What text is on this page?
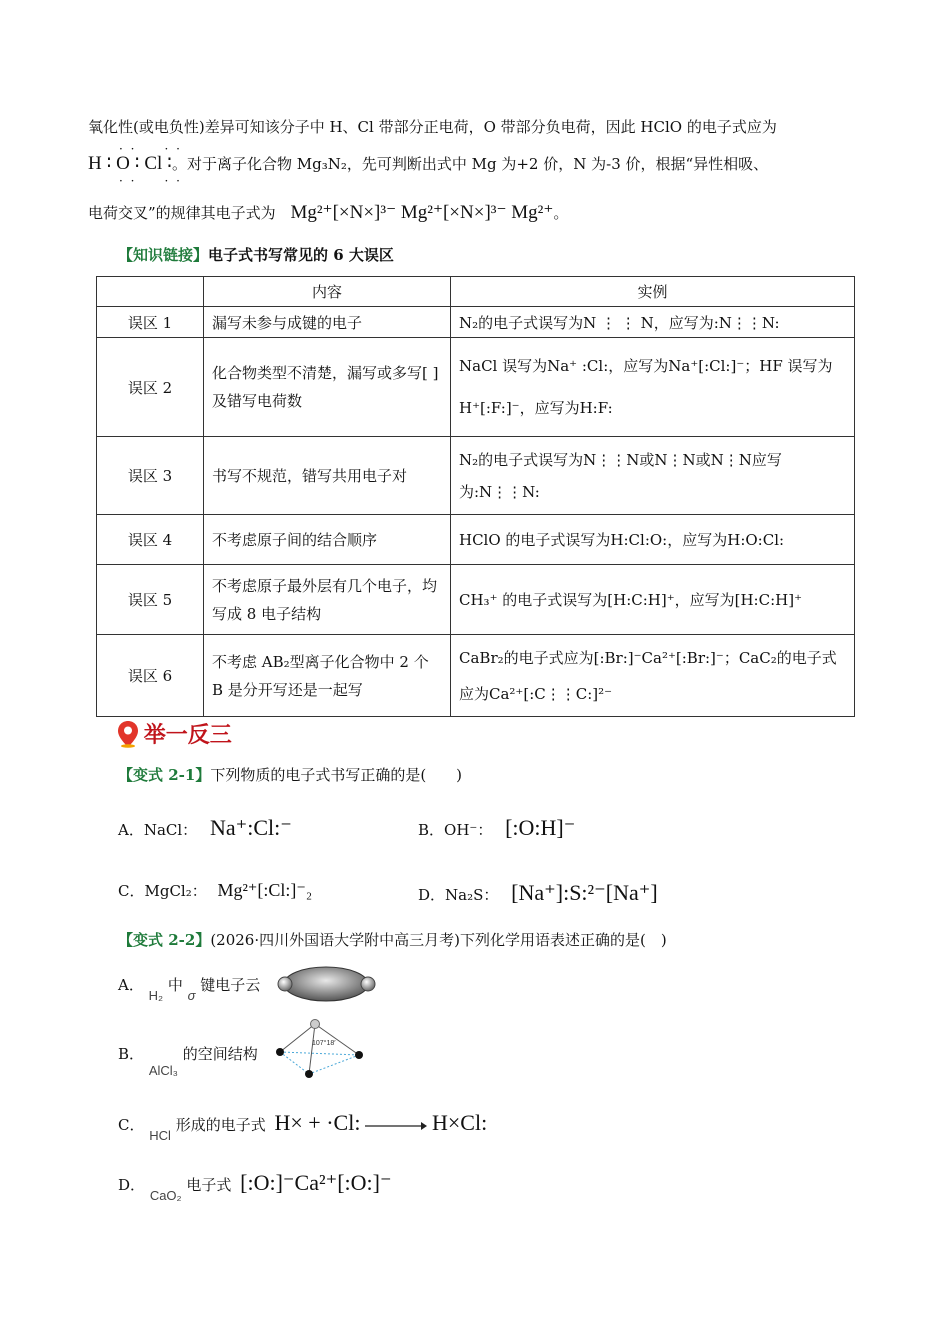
氧化性(或电负性)差异可知该分子中 H、Cl 带部分正电荷，O 带部分负电荷，因此 HClO 的电子式应为
H ∶ O ∶ Cl ∶。对于离子化合物 Mg₃N₂，先可判断出式中 Mg 为+2 价，N 为-3 价，根据“异性相吸、
· ·　　· ·
· ·　　· ·
电荷交叉”的规律其电子式为 Mg²⁺[×N×]³⁻ Mg²⁺[×N×]³⁻ Mg²⁺。
【知识链接】电子式书写常见的 6 大误区
	内容	实例
误区 1	漏写未参与成键的电子	N₂的电子式误写为N ⋮ ⋮ N，应写为:N⋮⋮N:
误区 2	化合物类型不清楚，漏写或多写[ ]及错写电荷数	NaCl 误写为Na⁺ :Cl:，应写为Na⁺[:Cl:]⁻；HF 误写为H⁺[:F:]⁻，应写为H:F:
误区 3	书写不规范，错写共用电子对	N₂的电子式误写为N⋮⋮N或N⋮N或N⋮N应写为:N⋮⋮N:
误区 4	不考虑原子间的结合顺序	HClO 的电子式误写为H:Cl:O:，应写为H:O:Cl:
误区 5	不考虑原子最外层有几个电子，均写成 8 电子结构	CH₃⁺ 的电子式误写为[H:C:H]⁺，应写为[H:C:H]⁺
误区 6	不考虑 AB₂型离子化合物中 2 个 B 是分开写还是一起写	CaBr₂的电子式应为[:Br:]⁻Ca²⁺[:Br:]⁻；CaC₂的电子式应为Ca²⁺[:C⋮⋮C:]²⁻
举一反三
【变式 2-1】下列物质的电子式书写正确的是(　　)
A．NaCl： Na⁺:Cl:⁻	B．OH⁻： [:O:H]⁻
C．MgCl₂： Mg²⁺[:Cl:]⁻₂	D．Na₂S： [Na⁺]:S:²⁻[Na⁺]
【变式 2-2】(2026·四川外国语大学附中高三月考)下列化学用语表述正确的是(　)
A． H₂ 中 σ 键电子云
B． AlCl₃ 的空间结构
107°18′
C． HCl 形成的电子式 H× + ·Cl:	H×Cl:
D． CaO₂ 电子式 [:O:]⁻Ca²⁺[:O:]⁻
